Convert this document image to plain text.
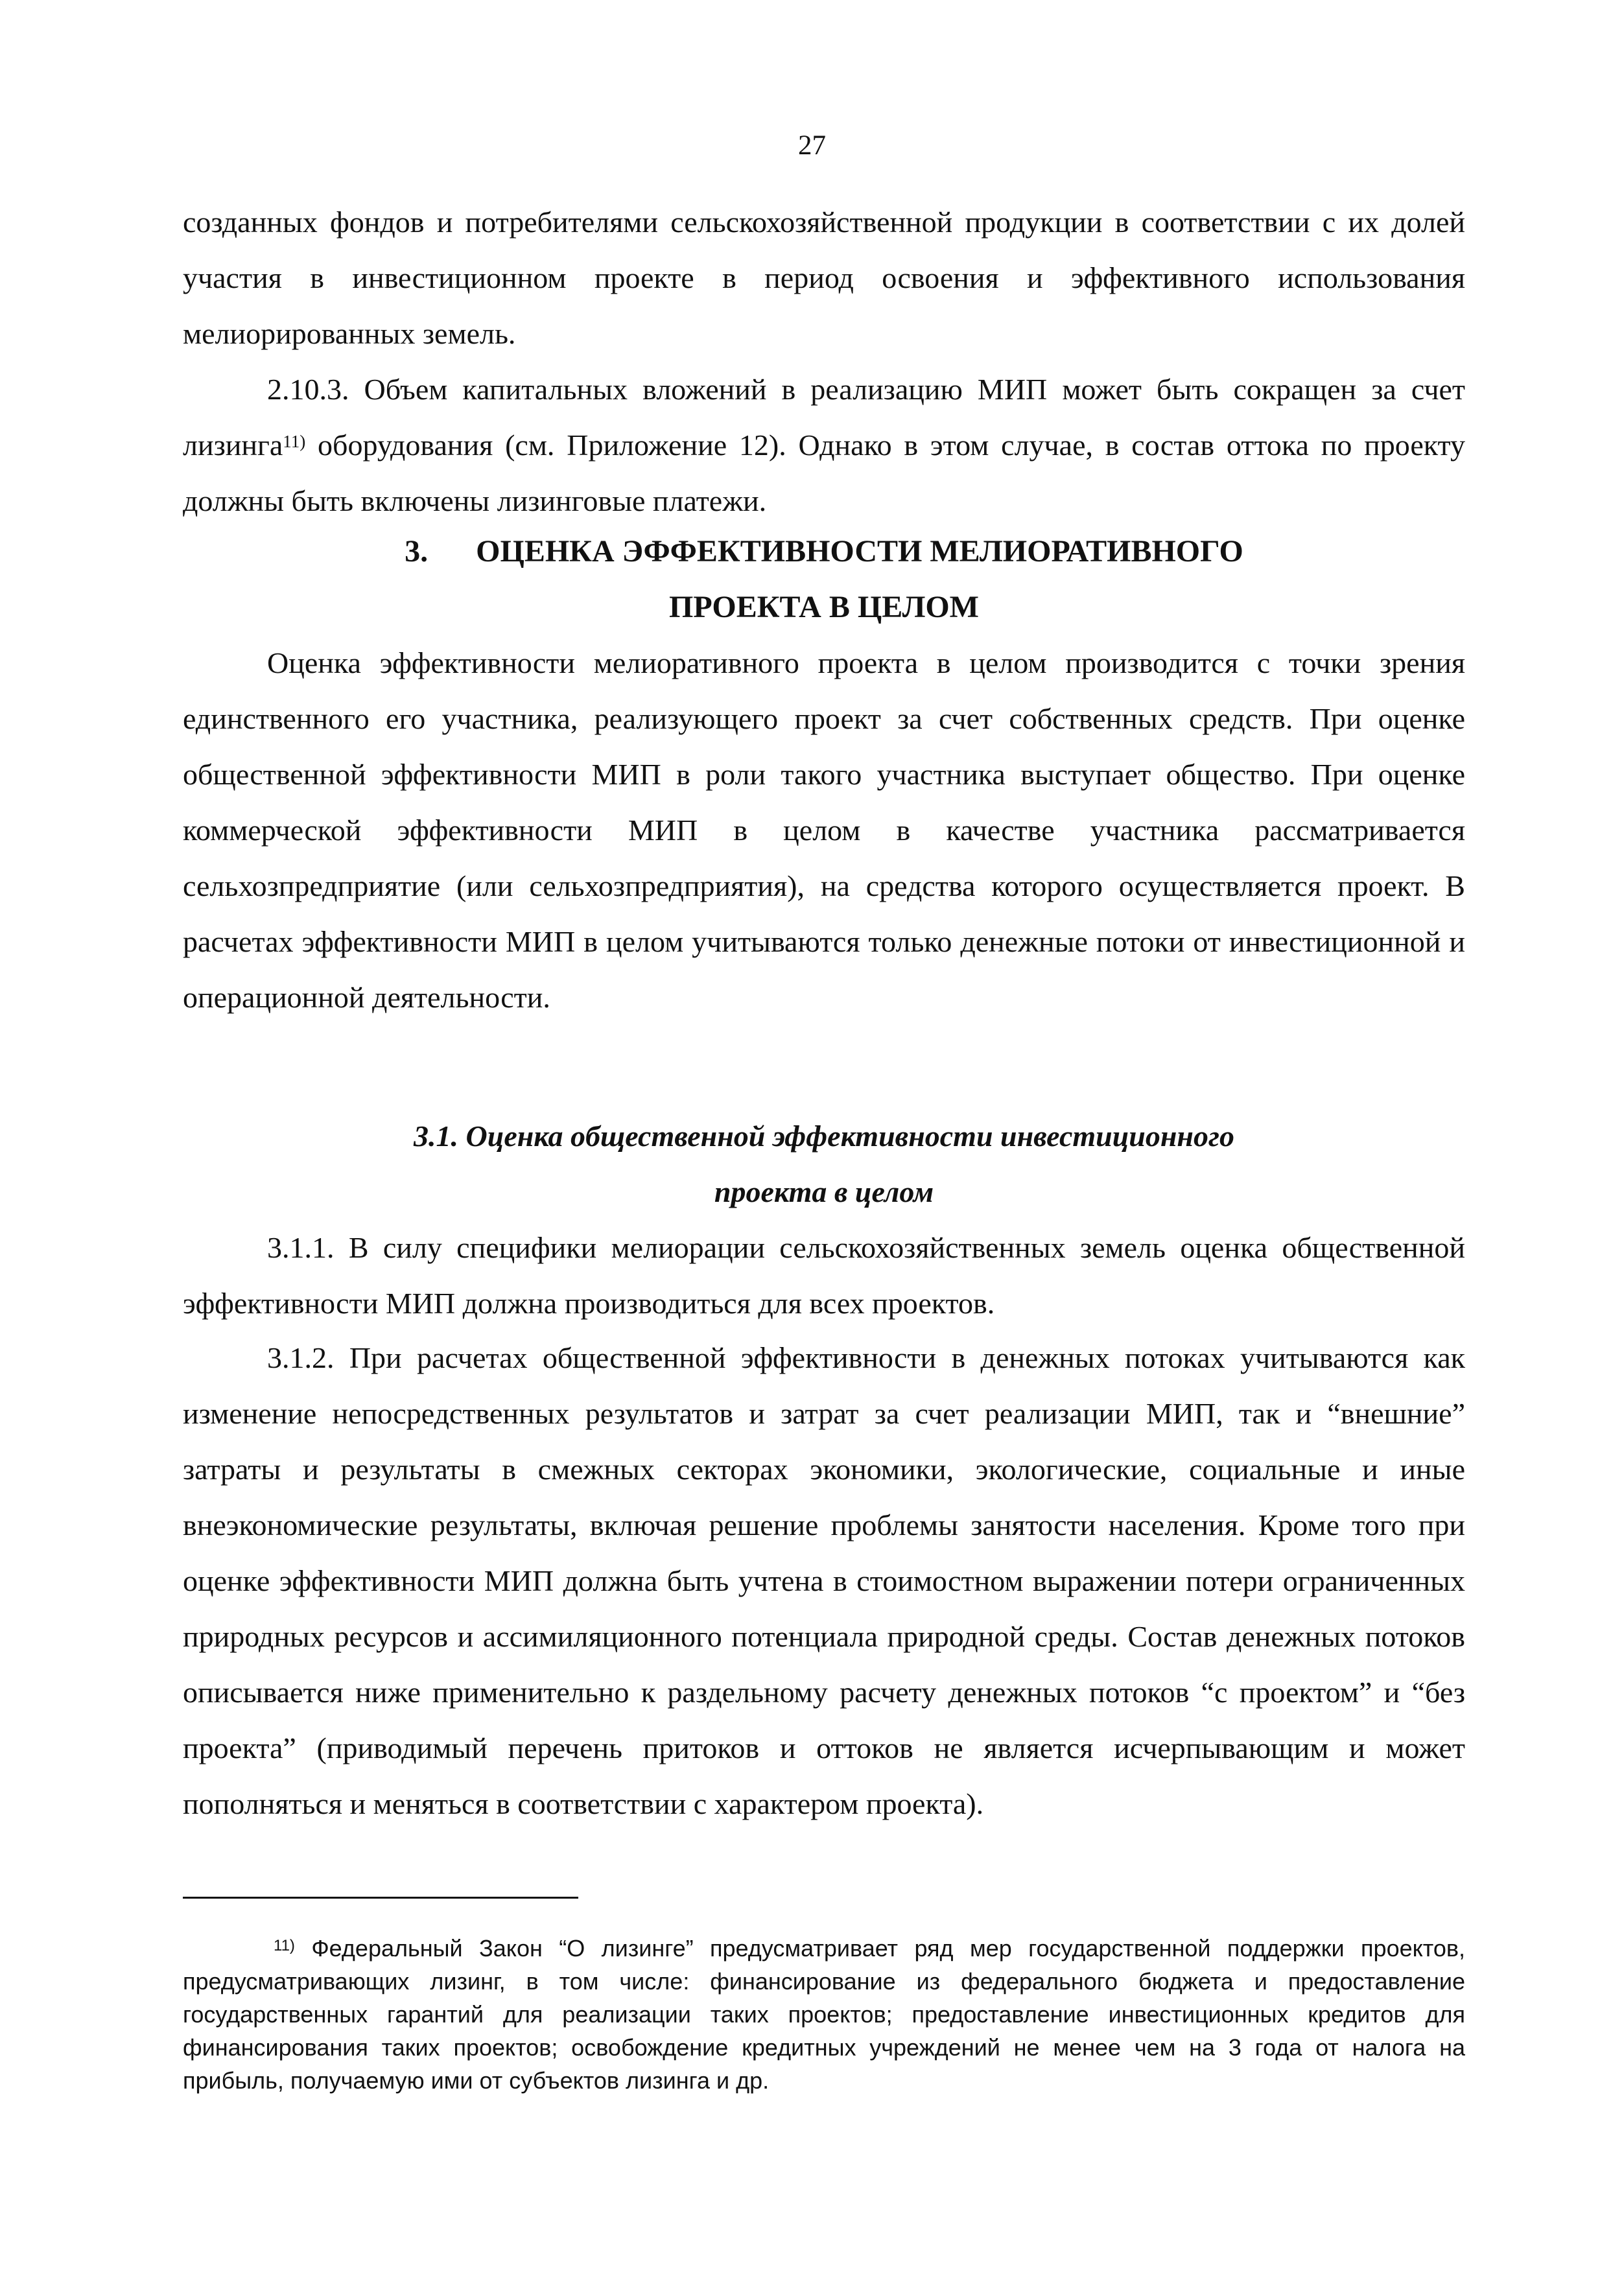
27
созданных фондов и потребителями сельскохозяйственной продукции в соответствии с их долей участия в инвестиционном проекте в период освоения и эффективного использования мелиорированных земель.
2.10.3. Объем капитальных вложений в реализацию МИП может быть сокращен за счет лизинга$^{11)}$ оборудования (см. Приложение 12). Однако в этом случае, в состав оттока по проекту должны быть включены лизинговые платежи.
3. ОЦЕНКА ЭФФЕКТИВНОСТИ МЕЛИОРАТИВНОГО
ПРОЕКТА В ЦЕЛОМ
Оценка эффективности мелиоративного проекта в целом производится с точки зрения единственного его участника, реализующего проект за счет собственных средств. При оценке общественной эффективности МИП в роли такого участника выступает общество. При оценке коммерческой эффективности МИП в целом в качестве участника рассматривается сельхозпредприятие (или сельхозпредприятия), на средства которого осуществляется проект. В расчетах эффективности МИП в целом учитываются только денежные потоки от инвестиционной и операционной деятельности.
3.1. Оценка общественной эффективности инвестиционного
проекта в целом
3.1.1. В силу специфики мелиорации сельскохозяйственных земель оценка общественной эффективности МИП должна производиться для всех проектов.
3.1.2. При расчетах общественной эффективности в денежных потоках учитываются как изменение непосредственных результатов и затрат за счет реализации МИП, так и “внешние” затраты и результаты в смежных секторах экономики, экологические, социальные и иные внеэкономические результаты, включая решение проблемы занятости населения. Кроме того при оценке эффективности МИП должна быть учтена в стоимостном выражении потери ограниченных природных ресурсов и ассимиляционного потенциала природной среды. Состав денежных потоков описывается ниже применительно к раздельному расчету денежных потоков “с проектом” и “без проекта” (приводимый перечень притоков и оттоков не является исчерпывающим и может пополняться и меняться в соответствии с характером проекта).
$^{11)}$ Федеральный Закон “О лизинге” предусматривает ряд мер государственной поддержки проектов, предусматривающих лизинг, в том числе: финансирование из федерального бюджета и предоставление государственных гарантий для реализации таких проектов; предоставление инвестиционных кредитов для финансирования таких проектов; освобождение кредитных учреждений не менее чем на 3 года от налога на прибыль, получаемую ими от субъектов лизинга и др.
